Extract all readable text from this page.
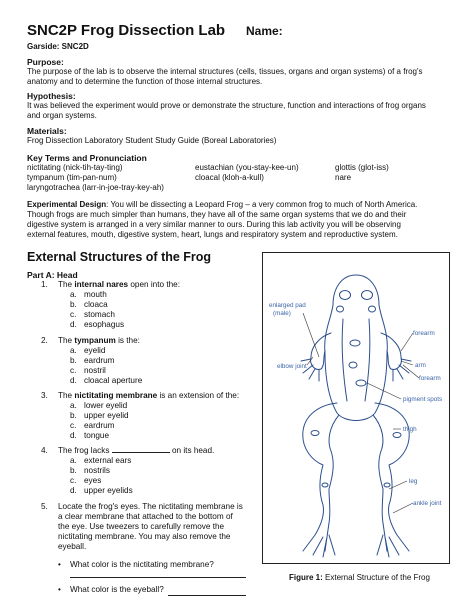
SNC2P Frog Dissection Lab Name:
Garside: SNC2D
Purpose:
The purpose of the lab is to observe the internal structures (cells, tissues, organs and organ systems) of a frog's
anatomy and to determine the function of those internal structures.
Hypothesis:
It was believed the experiment would prove or demonstrate the structure, function and interactions of frog organs
and organ systems.
Materials:
Frog Dissection Laboratory Student Study Guide (Boreal Laboratories)
Key Terms and Pronunciation
nictitating (nick-tih-tay-ting)	eustachian (you-stay-kee-un)	glottis (glot-iss)
tympanum (tim-pan-num)	cloacal (kloh-a-kull)	nare
laryngotrachea (larr-in-joe-tray-key-ah)
Experimental Design: You will be dissecting a Leopard Frog – a very common frog to much of North America.
Though frogs are much simpler than humans, they have all of the same organ systems that we do and their
digestive system is arranged in a very similar manner to ours. During this lab activity you will be observing
external features, mouth, digestive system, heart, lungs and respiratory system and reproductive system.
External Structures of the Frog
Part A: Head
1. The internal nares open into the:
a. mouth
b. cloaca
c. stomach
d. esophagus
2. The tympanum is the:
a. eyelid
b. eardrum
c. nostril
d. cloacal aperture
3. The nictitating membrane is an extension of the:
a. lower eyelid
b. upper eyelid
c. eardrum
d. tongue
4. The frog lacks	on its head.
a. external ears
b. nostrils
c. eyes
d. upper eyelids
5. Locate the frog's eyes. The nictitating membrane is
a clear membrane that attached to the bottom of
the eye. Use tweezers to carefully remove the
nictitating membrane. You may also remove the
eyeball.
• What color is the nictitating membrane?
• What color is the eyeball?
enlarged pad
(male)
forearm
elbow joint	arm
forearm
pigment spots
thigh
leg
ankle joint
Figure 1: External Structure of the Frog
